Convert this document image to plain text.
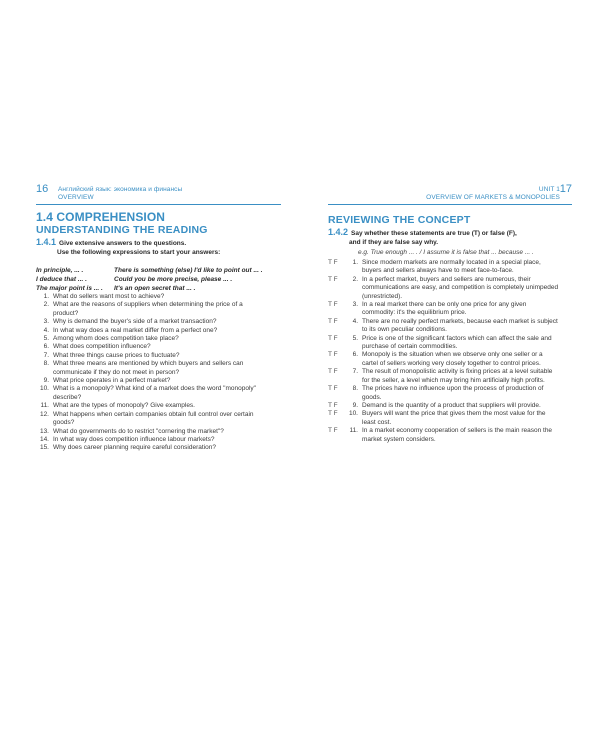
16 Английский язык: экономика и финансы
OVERVIEW
1.4 COMPREHENSION
UNDERSTANDING THE READING
1.4.1 Give extensive answers to the questions.
Use the following expressions to start your answers:
In principle, ... .	There is something (else) I'd like to point out ... .
I deduce that ... .	Could you be more precise, please ... .
The major point is ... .	It's an open secret that ... .
1. What do sellers want most to achieve?
2. What are the reasons of suppliers when determining the price of a
product?
3. Why is demand the buyer's side of a market transaction?
4. In what way does a real market differ from a perfect one?
5. Among whom does competition take place?
6. What does competition influence?
7. What three things cause prices to fluctuate?
8. What three means are mentioned by which buyers and sellers can
communicate if they do not meet in person?
9. What price operates in a perfect market?
10. What is a monopoly? What kind of a market does the word "monopoly"
describe?
11. What are the types of monopoly? Give examples.
12. What happens when certain companies obtain full control over certain
goods?
13. What do governments do to restrict "cornering the market"?
14. In what way does competition influence labour markets?
15. Why does career planning require careful consideration?
UNIT 1
OVERVIEW OF MARKETS & MONOPOLIES
17
REVIEWING THE CONCEPT
1.4.2 Say whether these statements are true (T) or false (F),
and if they are false say why.
e.g. True enough ... . / I assume it is false that ... because ... .
T F	1. Since modern markets are normally located in a special place,
buyers and sellers always have to meet face-to-face.
T F	2. In a perfect market, buyers and sellers are numerous, their
communications are easy, and competition is completely unimpeded
(unrestricted).
T F	3. In a real market there can be only one price for any given
commodity: it's the equilibrium price.
T F	4. There are no really perfect markets, because each market is subject
to its own peculiar conditions.
T F	5. Price is one of the significant factors which can affect the sale and
purchase of certain commodities.
T F	6. Monopoly is the situation when we observe only one seller or a
cartel of sellers working very closely together to control prices.
T F	7. The result of monopolistic activity is fixing prices at a level suitable
for the seller, a level which may bring him artificially high profits.
T F	8. The prices have no influence upon the process of production of
goods.
T F	9. Demand is the quantity of a product that suppliers will provide.
T F	10. Buyers will want the price that gives them the most value for the
least cost.
T F	11. In a market economy cooperation of sellers is the main reason the
market system considers.
